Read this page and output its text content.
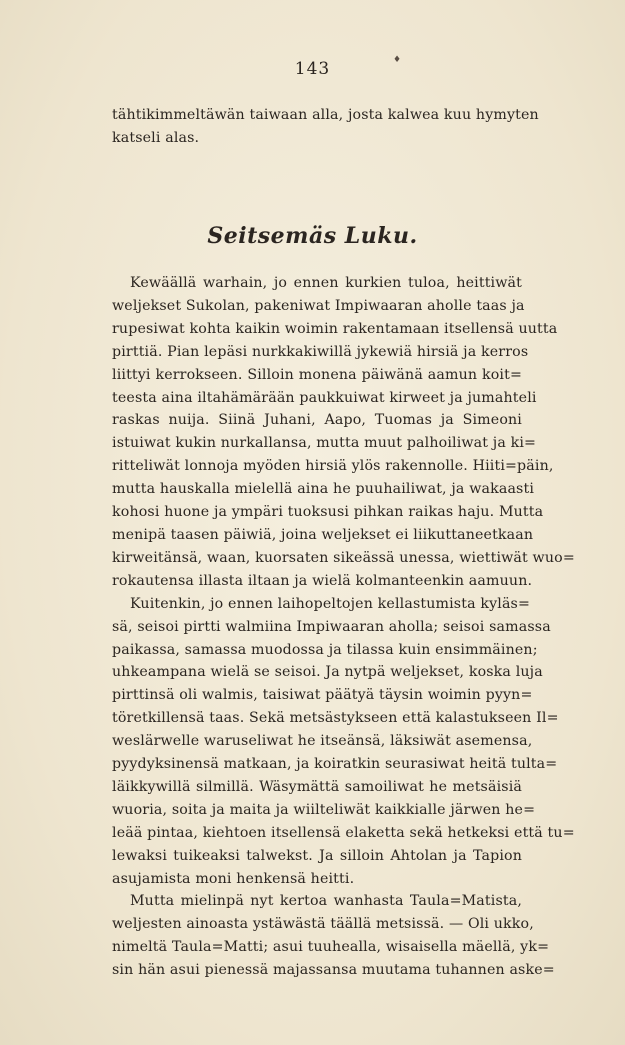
143	♦
tähtikimmeltäwän taiwaan alla, josta kalwea kuu hymyten
katseli alas.
Seitsemäs Luku.
Kewäällä warhain, jo ennen kurkien tuloa, heittiwät
weljekset Sukolan, pakeniwat Impiwaaran aholle taas ja
rupesiwat kohta kaikin woimin rakentamaan itsellensä uutta
pirttiä. Pian lepäsi nurkkakiwillä jykewiä hirsiä ja kerros
liittyi kerrokseen. Silloin monena päiwänä aamun koit=
teesta aina iltahämärään paukkuiwat kirweet ja jumahteli
raskas nuija. Siinä Juhani, Aapo, Tuomas ja Simeoni
istuiwat kukin nurkallansa, mutta muut palhoiliwat ja ki=
ritteliwät lonnoja myöden hirsiä ylös rakennolle. Hiiti=päin,
mutta hauskalla mielellä aina he puuhailiwat, ja wakaasti
kohosi huone ja ympäri tuoksusi pihkan raikas haju. Mutta
menipä taasen päiwiä, joina weljekset ei liikuttaneetkaan
kirweitänsä, waan, kuorsaten sikeässä unessa, wiettiwät wuo=
rokautensa illasta iltaan ja wielä kolmanteenkin aamuun.
Kuitenkin, jo ennen laihopeltojen kellastumista kyläs=
sä, seisoi pirtti walmiina Impiwaaran aholla; seisoi samassa
paikassa, samassa muodossa ja tilassa kuin ensimmäinen;
uhkeampana wielä se seisoi. Ja nytpä weljekset, koska luja
pirttinsä oli walmis, taisiwat päätyä täysin woimin pyyn=
töretkillensä taas. Sekä metsästykseen että kalastukseen Il=
weslärwelle waruseliwat he itseänsä, läksiwät asemensa,
pyydyksinensä matkaan, ja koiratkin seurasiwat heitä tulta=
läikkywillä silmillä. Wäsymättä samoiliwat he metsäisiä
wuoria, soita ja maita ja wiilteliwät kaikkialle järwen he=
leää pintaa, kiehtoen itsellensä elaketta sekä hetkeksi että tu=
lewaksi tuikeaksi talwekst. Ja silloin Ahtolan ja Tapion
asujamista moni henkensä heitti.
Mutta mielinpä nyt kertoa wanhasta Taula=Matista,
weljesten ainoasta ystäwästä täällä metsissä. — Oli ukko,
nimeltä Taula=Matti; asui tuuhealla, wisaisella mäellä, yk=
sin hän asui pienessä majassansa muutama tuhannen aske=
